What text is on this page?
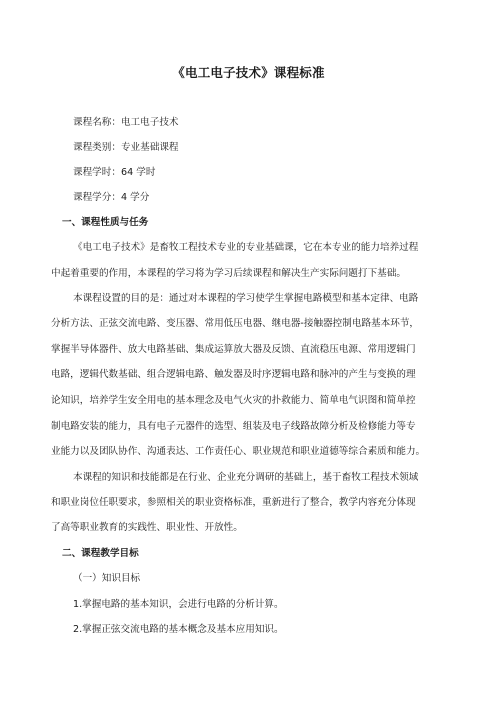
《电工电子技术》课程标准
课程名称：电工电子技术
课程类别：专业基础课程
课程学时：64 学时
课程学分：4 学分
一、课程性质与任务
《电工电子技术》是畜牧工程技术专业的专业基础课，它在本专业的能力培养过程
中起着重要的作用，本课程的学习将为学习后续课程和解决生产实际问题打下基础。
本课程设置的目的是：通过对本课程的学习使学生掌握电路模型和基本定律、电路
分析方法、正弦交流电路、变压器、常用低压电器、继电器-接触器控制电路基本环节，
掌握半导体器件、放大电路基础、集成运算放大器及反馈、直流稳压电源、常用逻辑门
电路，逻辑代数基础、组合逻辑电路、触发器及时序逻辑电路和脉冲的产生与变换的理
论知识，培养学生安全用电的基本理念及电气火灾的扑救能力、简单电气识图和简单控
制电路安装的能力，具有电子元器件的选型、组装及电子线路故障分析及检修能力等专
业能力以及团队协作、沟通表达、工作责任心、职业规范和职业道德等综合素质和能力。
本课程的知识和技能都是在行业、企业充分调研的基础上，基于畜牧工程技术领域
和职业岗位任职要求，参照相关的职业资格标准，重新进行了整合，教学内容充分体现
了高等职业教育的实践性、职业性、开放性。
二、课程教学目标
（一）知识目标
1.掌握电路的基本知识，会进行电路的分析计算。
2.掌握正弦交流电路的基本概念及基本应用知识。
